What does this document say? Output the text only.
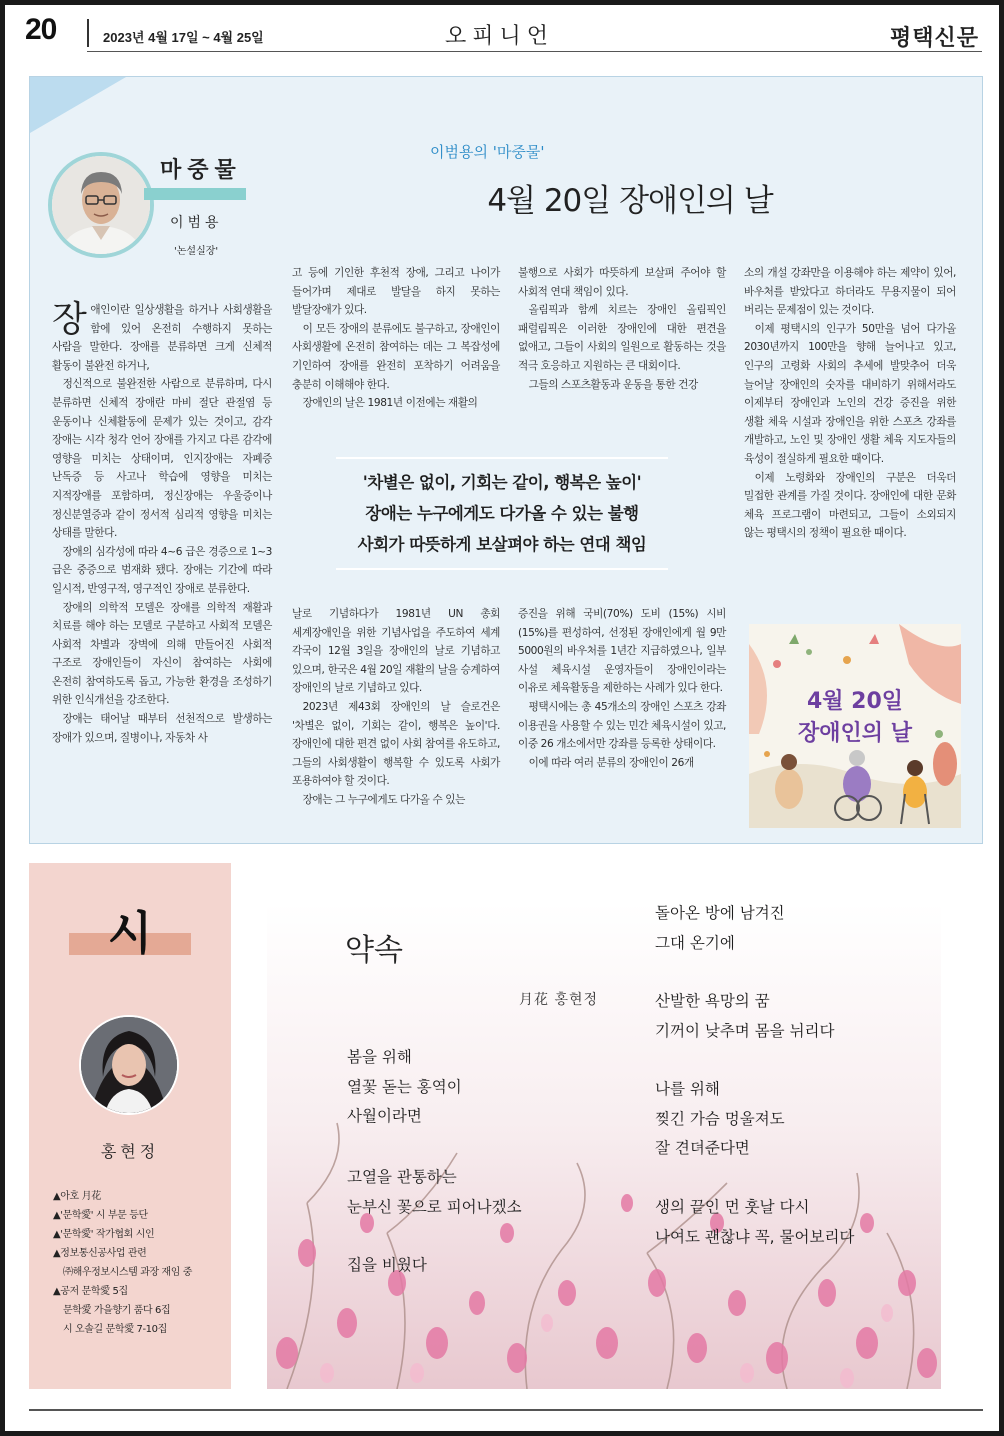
20	2023년 4월 17일 ~ 4월 25일	오피니언	평택신문
마중물
이범용
'논설실장'
이범용의 '마중물'
4월 20일 장애인의 날

장애인이란 일상생활을 하거나 사회생활을 함에 있어 온전히 수행하지 못하는 사람을 말한다. 장애를 분류하면 크게 신체적 활동이 불완전 하거나,

정신적으로 불완전한 사람으로 분류하며, 다시 분류하면 신체적 장애란 마비 절단 관절염 등 운동이나 신체활동에 문제가 있는 것이고, 감각 장애는 시각 청각 언어 장애를 가지고 다른 감각에 영향을 미치는 상태이며, 인지장애는 자폐증 난독증 등 사고나 학습에 영향을 미치는 지적장애를 포함하며, 정신장애는 우울증이나 정신분열증과 같이 정서적 심리적 영향을 미치는 상태를 말한다.

장애의 심각성에 따라 4~6 급은 경증으로 1~3 급은 중증으로 범재화 됐다. 장애는 기간에 따라 일시적, 반영구적, 영구적인 장애로 분류한다.

장애의 의학적 모델은 장애를 의학적 재활과 치료를 해야 하는 모델로 구분하고 사회적 모델은 사회적 차별과 장벽에 의해 만들어진 사회적 구조로 장애인들이 자신이 참여하는 사회에 온전히 참여하도록 돕고, 가능한 환경을 조성하기 위한 인식개선을 강조한다.

장애는 태어날 때부터 선천적으로 발생하는 장애가 있으며, 질병이나, 자동차 사

고 등에 기인한 후천적 장애, 그리고 나이가 들어가며 제대로 발달을 하지 못하는 발달장애가 있다.

이 모든 장애의 분류에도 불구하고, 장애인이 사회생활에 온전히 참여하는 데는 그 복잡성에 기인하여 장애를 완전히 포착하기 어려움을 충분히 이해해야 한다.

장애인의 날은 1981년 이전에는 재활의

불행으로 사회가 따뜻하게 보살펴 주어야 할 사회적 연대 책임이 있다.

올림픽과 함께 치르는 장애인 올림픽인 패럴림픽은 이러한 장애인에 대한 편견을 없애고, 그들이 사회의 일원으로 활동하는 것을 적극 호응하고 지원하는 큰 대회이다.

그들의 스포츠활동과 운동을 통한 건강

'차별은 없이, 기회는 같이, 행복은 높이'
장애는 누구에게도 다가올 수 있는 불행
사회가 따뜻하게 보살펴야 하는 연대 책임

날로 기념하다가 1981년 UN 총회 세계장애인을 위한 기념사업을 주도하여 세계 각국이 12월 3일을 장애인의 날로 기념하고 있으며, 한국은 4월 20일 재활의 날을 승계하여 장애인의 날로 기념하고 있다.

2023년 제43회 장애인의 날 슬로건은 '차별은 없이, 기회는 같이, 행복은 높이'다. 장애인에 대한 편견 없이 사회 참여를 유도하고, 그들의 사회생활이 행복할 수 있도록 사회가 포용하여야 할 것이다.

장애는 그 누구에게도 다가올 수 있는

증진을 위해 국비(70%) 도비 (15%) 시비 (15%)를 편성하여, 선정된 장애인에게 월 9만 5000원의 바우처를 1년간 지급하였으나, 일부 사설 체육시설 운영자들이 장애인이라는 이유로 체육활동을 제한하는 사례가 있다 한다.

평택시에는 총 45개소의 장애인 스포츠 강좌 이용권을 사용할 수 있는 민간 체육시설이 있고, 이중 26 개소에서만 강좌를 등록한 상태이다.

이에 따라 여러 분류의 장애인이 26개

소의 개설 강좌만을 이용해야 하는 제약이 있어, 바우처를 받았다고 하더라도 무용지물이 되어 버리는 문제점이 있는 것이다.

이제 평택시의 인구가 50만을 넘어 다가올 2030년까지 100만을 향해 늘어나고 있고, 인구의 고령화 사회의 추세에 발맞추어 더욱 늘어날 장애인의 숫자를 대비하기 위해서라도 이제부터 장애인과 노인의 건강 증진을 위한 생활 체육 시설과 장애인을 위한 스포츠 강좌를 개발하고, 노인 및 장애인 생활 체육 지도자들의 육성이 절실하게 필요한 때이다.

이제 노령화와 장애인의 구분은 더욱더 밀접한 관계를 가질 것이다. 장애인에 대한 문화 체육 프로그램이 마련되고, 그들이 소외되지 않는 평택시의 정책이 필요한 때이다.

4월 20일
장애인의 날
시
홍현정
▲아호 月花
▲'문학愛' 시 부문 등단
▲'문학愛' 작가협회 시인
▲정보통신공사업 관련
㈜해우정보시스템 과장 재임 중
▲공저 문학愛 5집
문학愛 가을향기 품다 6집
시 오솔길 문학愛 7-10집
약속
月花 홍현정
봄을 위해
열꽃 돋는 홍역이
사월이라면
고열을 관통하는
눈부신 꽃으로 피어나겠소
집을 비웠다
돌아온 방에 남겨진
그대 온기에
산발한 욕망의 꿈
기꺼이 낮추며 몸을 뉘리다
나를 위해
찢긴 가슴 멍울져도
잘 견뎌준다면
생의 끝인 먼 훗날 다시
나여도 괜찮냐 꼭, 물어보리다
